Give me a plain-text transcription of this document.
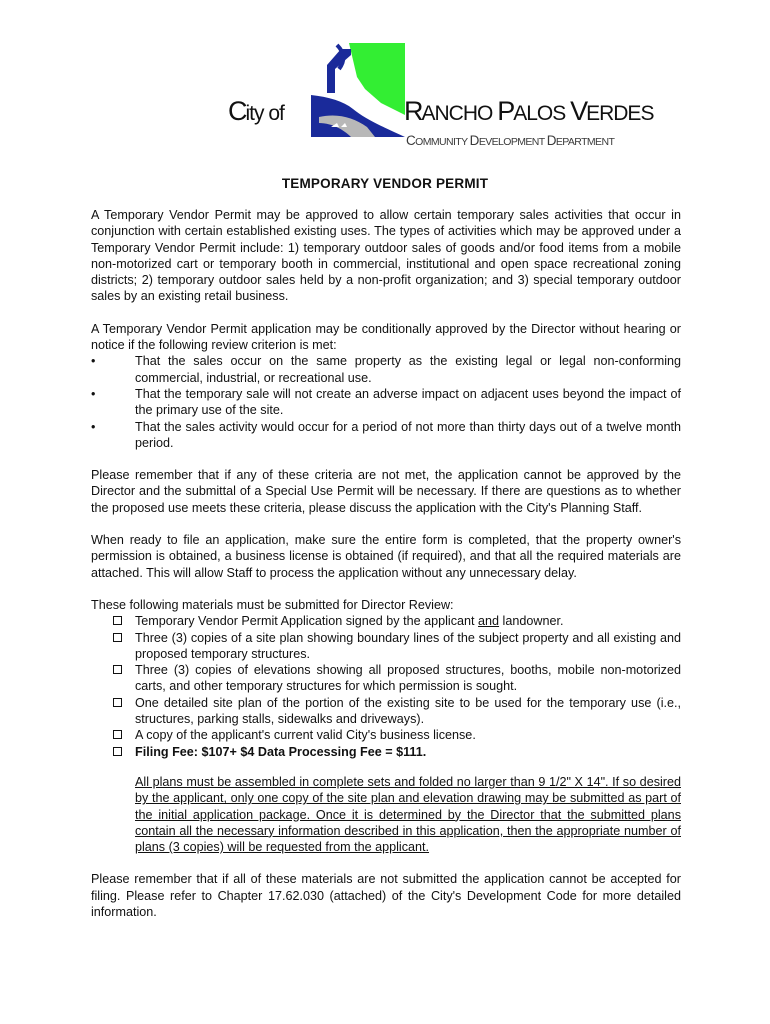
City of	RANCHO PALOS VERDES
COMMUNITY DEVELOPMENT DEPARTMENT
TEMPORARY VENDOR PERMIT

A Temporary Vendor Permit may be approved to allow certain temporary sales activities that occur in conjunction with certain established existing uses. The types of activities which may be approved under a Temporary Vendor Permit include: 1) temporary outdoor sales of goods and/or food items from a mobile non-motorized cart or temporary booth in commercial, institutional and open space recreational zoning districts; 2) temporary outdoor sales held by a non-profit organization; and 3) special temporary outdoor sales by an existing retail business.

A Temporary Vendor Permit application may be conditionally approved by the Director without hearing or notice if the following review criterion is met:

•	That the sales occur on the same property as the existing legal or legal non-conforming commercial, industrial, or recreational use.
•	That the temporary sale will not create an adverse impact on adjacent uses beyond the impact of the primary use of the site.
•	That the sales activity would occur for a period of not more than thirty days out of a twelve month period.

Please remember that if any of these criteria are not met, the application cannot be approved by the Director and the submittal of a Special Use Permit will be necessary. If there are questions as to whether the proposed use meets these criteria, please discuss the application with the City's Planning Staff.

When ready to file an application, make sure the entire form is completed, that the property owner's permission is obtained, a business license is obtained (if required), and that all the required materials are attached. This will allow Staff to process the application without any unnecessary delay.

These following materials must be submitted for Director Review:

Temporary Vendor Permit Application signed by the applicant and landowner.
Three (3) copies of a site plan showing boundary lines of the subject property and all existing and proposed temporary structures.
Three (3) copies of elevations showing all proposed structures, booths, mobile non-motorized carts, and other temporary structures for which permission is sought.
One detailed site plan of the portion of the existing site to be used for the temporary use (i.e., structures, parking stalls, sidewalks and driveways).
A copy of the applicant's current valid City's business license.
Filing Fee: $107+ $4 Data Processing Fee = $111.
All plans must be assembled in complete sets and folded no larger than 9 1/2" X 14". If so desired by the applicant, only one copy of the site plan and elevation drawing may be submitted as part of the initial application package. Once it is determined by the Director that the submitted plans contain all the necessary information described in this application, then the appropriate number of plans (3 copies) will be requested from the applicant.

Please remember that if all of these materials are not submitted the application cannot be accepted for filing. Please refer to Chapter 17.62.030 (attached) of the City's Development Code for more detailed information.
